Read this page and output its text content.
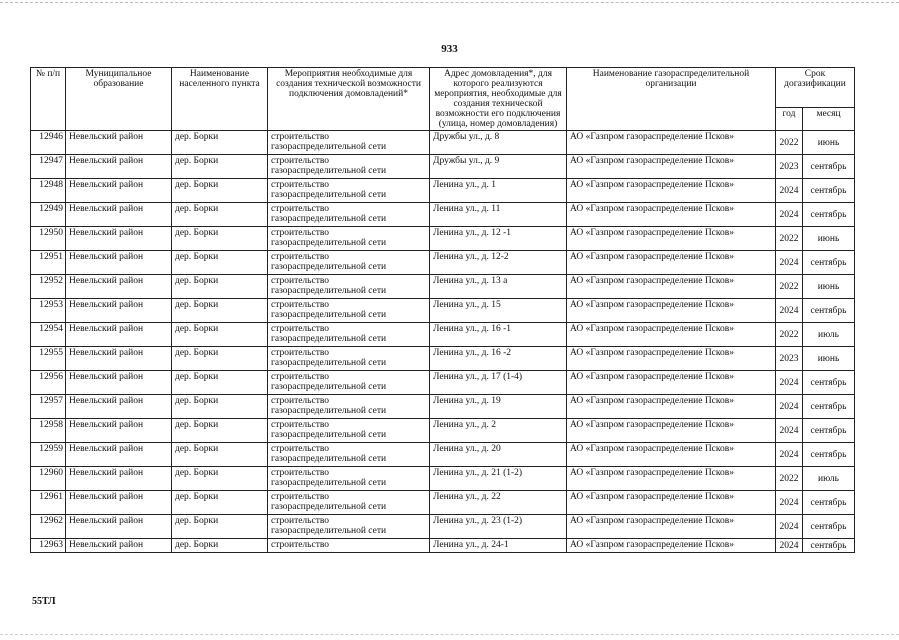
933
№ п/п	Муниципальное образование	Наименование населенного пункта	Мероприятия необходимые для создания технической возможности подключения домовладений*	Адрес домовладения*, для которого реализуются мероприятия, необходимые для создания технической возможности его подключения (улица, номер домовладения)	Наименование газораспределительной организации	Срок догазификации	
						год	месяц
12946	Невельский район	дер. Борки	строительство газораспределительной сети	Дружбы ул., д. 8	АО «Газпром газораспределение Псков»	2022	июнь
12947	Невельский район	дер. Борки	строительство газораспределительной сети	Дружбы ул., д. 9	АО «Газпром газораспределение Псков»	2023	сентябрь
12948	Невельский район	дер. Борки	строительство газораспределительной сети	Ленина ул., д. 1	АО «Газпром газораспределение Псков»	2024	сентябрь
12949	Невельский район	дер. Борки	строительство газораспределительной сети	Ленина ул., д. 11	АО «Газпром газораспределение Псков»	2024	сентябрь
12950	Невельский район	дер. Борки	строительство газораспределительной сети	Ленина ул., д. 12 -1	АО «Газпром газораспределение Псков»	2022	июнь
12951	Невельский район	дер. Борки	строительство газораспределительной сети	Ленина ул., д. 12-2	АО «Газпром газораспределение Псков»	2024	сентябрь
12952	Невельский район	дер. Борки	строительство газораспределительной сети	Ленина ул., д. 13 а	АО «Газпром газораспределение Псков»	2022	июнь
12953	Невельский район	дер. Борки	строительство газораспределительной сети	Ленина ул., д. 15	АО «Газпром газораспределение Псков»	2024	сентябрь
12954	Невельский район	дер. Борки	строительство газораспределительной сети	Ленина ул., д. 16 -1	АО «Газпром газораспределение Псков»	2022	июль
12955	Невельский район	дер. Борки	строительство газораспределительной сети	Ленина ул., д. 16 -2	АО «Газпром газораспределение Псков»	2023	июнь
12956	Невельский район	дер. Борки	строительство газораспределительной сети	Ленина ул., д. 17 (1-4)	АО «Газпром газораспределение Псков»	2024	сентябрь
12957	Невельский район	дер. Борки	строительство газораспределительной сети	Ленина ул., д. 19	АО «Газпром газораспределение Псков»	2024	сентябрь
12958	Невельский район	дер. Борки	строительство газораспределительной сети	Ленина ул., д. 2	АО «Газпром газораспределение Псков»	2024	сентябрь
12959	Невельский район	дер. Борки	строительство газораспределительной сети	Ленина ул., д. 20	АО «Газпром газораспределение Псков»	2024	сентябрь
12960	Невельский район	дер. Борки	строительство газораспределительной сети	Ленина ул., д. 21 (1-2)	АО «Газпром газораспределение Псков»	2022	июль
12961	Невельский район	дер. Борки	строительство газораспределительной сети	Ленина ул., д. 22	АО «Газпром газораспределение Псков»	2024	сентябрь
12962	Невельский район	дер. Борки	строительство газораспределительной сети	Ленина ул., д. 23 (1-2)	АО «Газпром газораспределение Псков»	2024	сентябрь
12963	Невельский район	дер. Борки	строительство	Ленина ул., д. 24-1	АО «Газпром газораспределение Псков»	2024	сентябрь
55ТЛ
